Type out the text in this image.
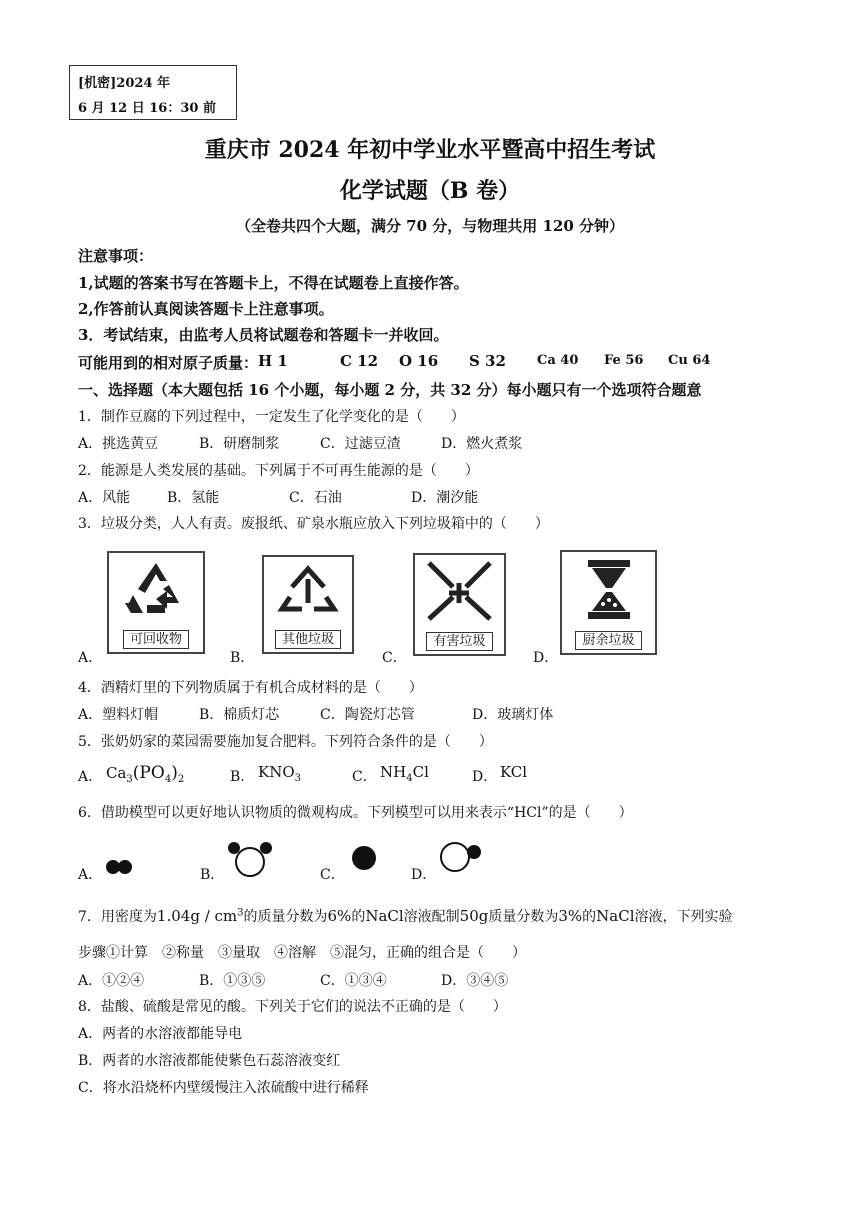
[机密]2024 年
6 月 12 日 16：30 前
重庆市 2024 年初中学业水平暨高中招生考试
化学试题（B 卷）
（全卷共四个大题，满分 70 分，与物理共用 120 分钟）
注意事项：
1,试题的答案书写在答题卡上，不得在试题卷上直接作答。
2,作答前认真阅读答题卡上注意事项。
3．考试结束，由监考人员将试题卷和答题卡一并收回。
可能用到的相对原子质量： H 1	C 12 O 16 S 32 Ca 40 Fe 56 Cu 64
一、选择题（本大题包括 16 个小题，每小题 2 分，共 32 分）每小题只有一个选项符合题意
1．制作豆腐的下列过程中，一定发生了化学变化的是（　　）
A．挑选黄豆	B．研磨制浆	C．过滤豆渣	D．燃火煮浆
2．能源是人类发展的基础。下列属于不可再生能源的是（　　）
A．风能	B．氢能	C．石油	D．潮汐能
3．垃圾分类，人人有责。废报纸、矿泉水瓶应放入下列垃圾箱中的（　　）
可回收物	其他垃圾	有害垃圾	厨余垃圾
A．	B．	C．	D．
4．酒精灯里的下列物质属于有机合成材料的是（　　）
A．塑料灯帽	B．棉质灯芯	C．陶瓷灯芯管	D．玻璃灯体
5．张奶奶家的菜园需要施加复合肥料。下列符合条件的是（　　）
A． $Ca_3(PO_4)_2$	B． $KNO_3$	C． $NH_4Cl$	D． KCl
6．借助模型可以更好地认识物质的微观构成。下列模型可以用来表示“HCl”的是（　　）
A．	B．	C．	D．
7．用密度为$1.04g / cm^3$的质量分数为6%的NaCl溶液配制50g质量分数为3%的NaCl溶液，下列实验
步骤①计算　②称量　③量取　④溶解　⑤混匀，正确的组合是（　　）
A．①②④	B．①③⑤	C．①③④	D．③④⑤
8．盐酸、硫酸是常见的酸。下列关于它们的说法不正确的是（　　）
A．两者的水溶液都能导电
B．两者的水溶液都能使紫色石蕊溶液变红
C．将水沿烧杯内壁缓慢注入浓硫酸中进行稀释
